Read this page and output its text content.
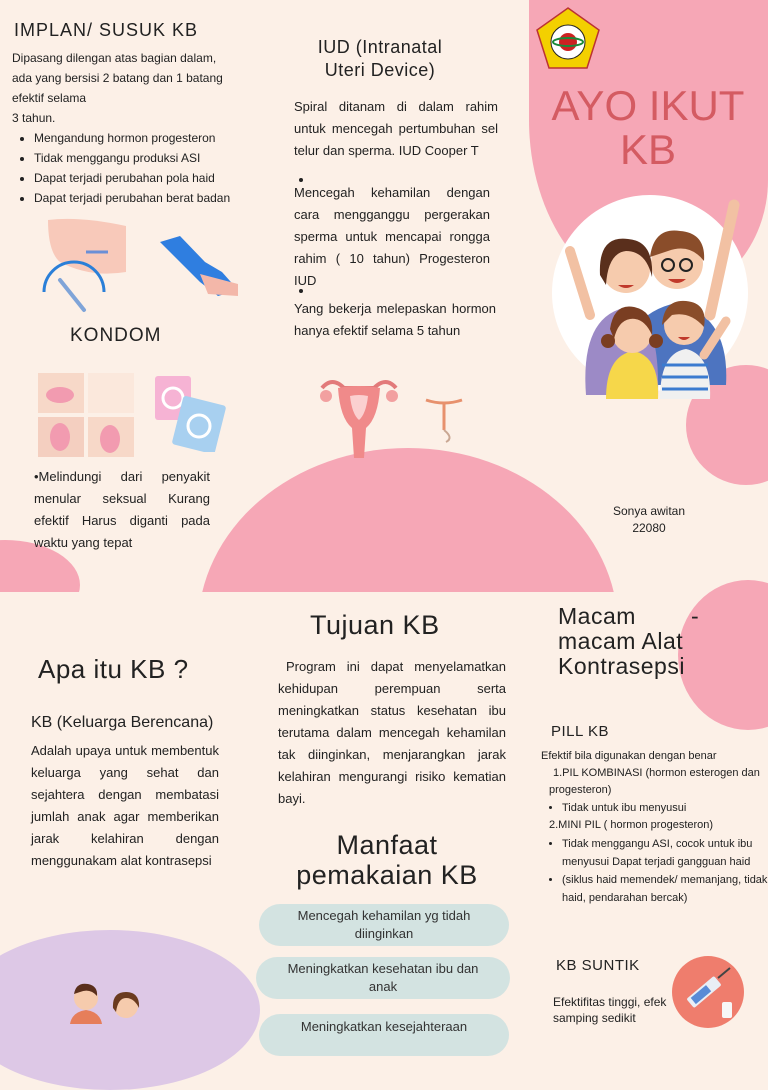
IMPLAN/ SUSUK KB
Dipasang dilengan atas bagian dalam,
ada yang bersisi 2 batang dan 1 batang
efektif selama
3 tahun.
• Mengandung hormon progesteron
• Tidak menggangu produksi ASI
• Dapat terjadi perubahan pola haid
• Dapat terjadi perubahan berat badan
KONDOM
•Melindungi dari penyakit menular seksual Kurang efektif Harus diganti pada waktu yang tepat
IUD (Intranatal
Uteri Device)
Spiral ditanam di dalam rahim untuk mencegah pertumbuhan sel telur dan sperma. IUD Cooper T
Mencegah kehamilan dengan cara mengganggu pergerakan sperma untuk mencapai rongga rahim ( 10 tahun) Progesteron IUD
Yang bekerja melepaskan hormon hanya efektif selama 5 tahun
AYO IKUT
KB
Sonya awitan
22080
Apa itu KB ?
KB (Keluarga Berencana)
Adalah upaya untuk membentuk keluarga yang sehat dan sejahtera dengan membatasi jumlah anak agar memberikan jarak kelahiran dengan menggunakam alat kontrasepsi
Tujuan KB
Program ini dapat menyelamatkan kehidupan perempuan serta meningkatkan status kesehatan ibu terutama dalam mencegah kehamilan tak diinginkan, menjarangkan jarak kelahiran mengurangi risiko kematian bayi.
Manfaat
pemakaian KB
Mencegah kehamilan yg tidah diinginkan
Meningkatkan kesehatan ibu dan anak
Meningkatkan kesejahteraan
Macam        -
macam Alat
Kontrasepsi
PILL KB
Efektif bila digunakan dengan benar
1.PIL KOMBINASI (hormon esterogen dan progesteron)
• Tidak untuk ibu menyusui
2.MINI PIL ( hormon progesteron)
• Tidak menggangu ASI, cocok untuk ibu menyusui Dapat terjadi gangguan haid
• (siklus haid memendek/ memanjang, tidak haid, pendarahan bercak)
KB SUNTIK
Efektifitas tinggi, efek samping sedikit
